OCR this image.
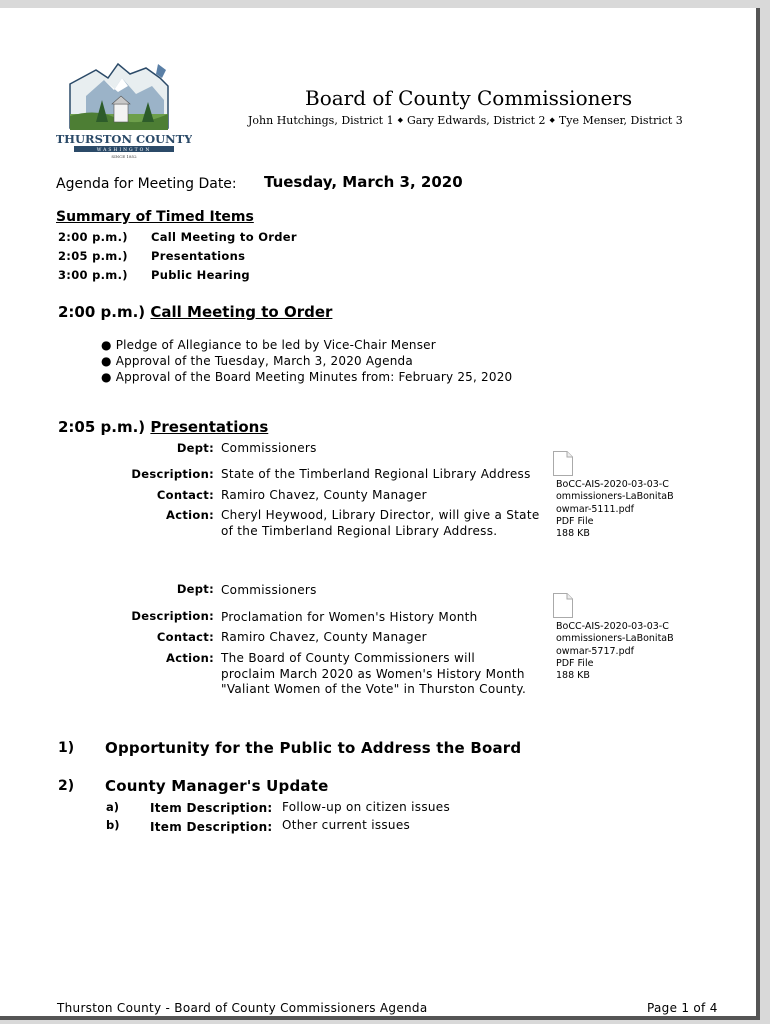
THURSTON COUNTY
WASHINGTON
SINCE 1852
Board of County Commissioners
John Hutchings, District 1 ◆ Gary Edwards, District 2 ◆ Tye Menser, District 3
Agenda for Meeting Date: Tuesday, March 3, 2020
Summary of Timed Items
2:00 p.m.) Call Meeting to Order
2:05 p.m.) Presentations
3:00 p.m.) Public Hearing
2:00 p.m.) Call Meeting to Order
● Pledge of Allegiance to be led by Vice-Chair Menser
● Approval of the Tuesday, March 3, 2020 Agenda
● Approval of the Board Meeting Minutes from: February 25, 2020
2:05 p.m.) Presentations
Dept: Commissioners
Description: State of the Timberland Regional Library Address
Contact: Ramiro Chavez, County Manager
Action: Cheryl Heywood, Library Director, will give a State of the Timberland Regional Library Address.
BoCC-AIS-2020-03-03-Commissioners-LaBonitaBowmar-5111.pdf
PDF File
188 KB
Dept: Commissioners
Description: Proclamation for Women's History Month
Contact: Ramiro Chavez, County Manager
Action: The Board of County Commissioners will proclaim March 2020 as Women's History Month "Valiant Women of the Vote" in Thurston County.
BoCC-AIS-2020-03-03-Commissioners-LaBonitaBowmar-5717.pdf
PDF File
188 KB
1) Opportunity for the Public to Address the Board
2) County Manager's Update
a)	Item Description: Follow-up on citizen issues
b)	Item Description: Other current issues
Thurston County - Board of County Commissioners Agenda	Page 1 of 4
